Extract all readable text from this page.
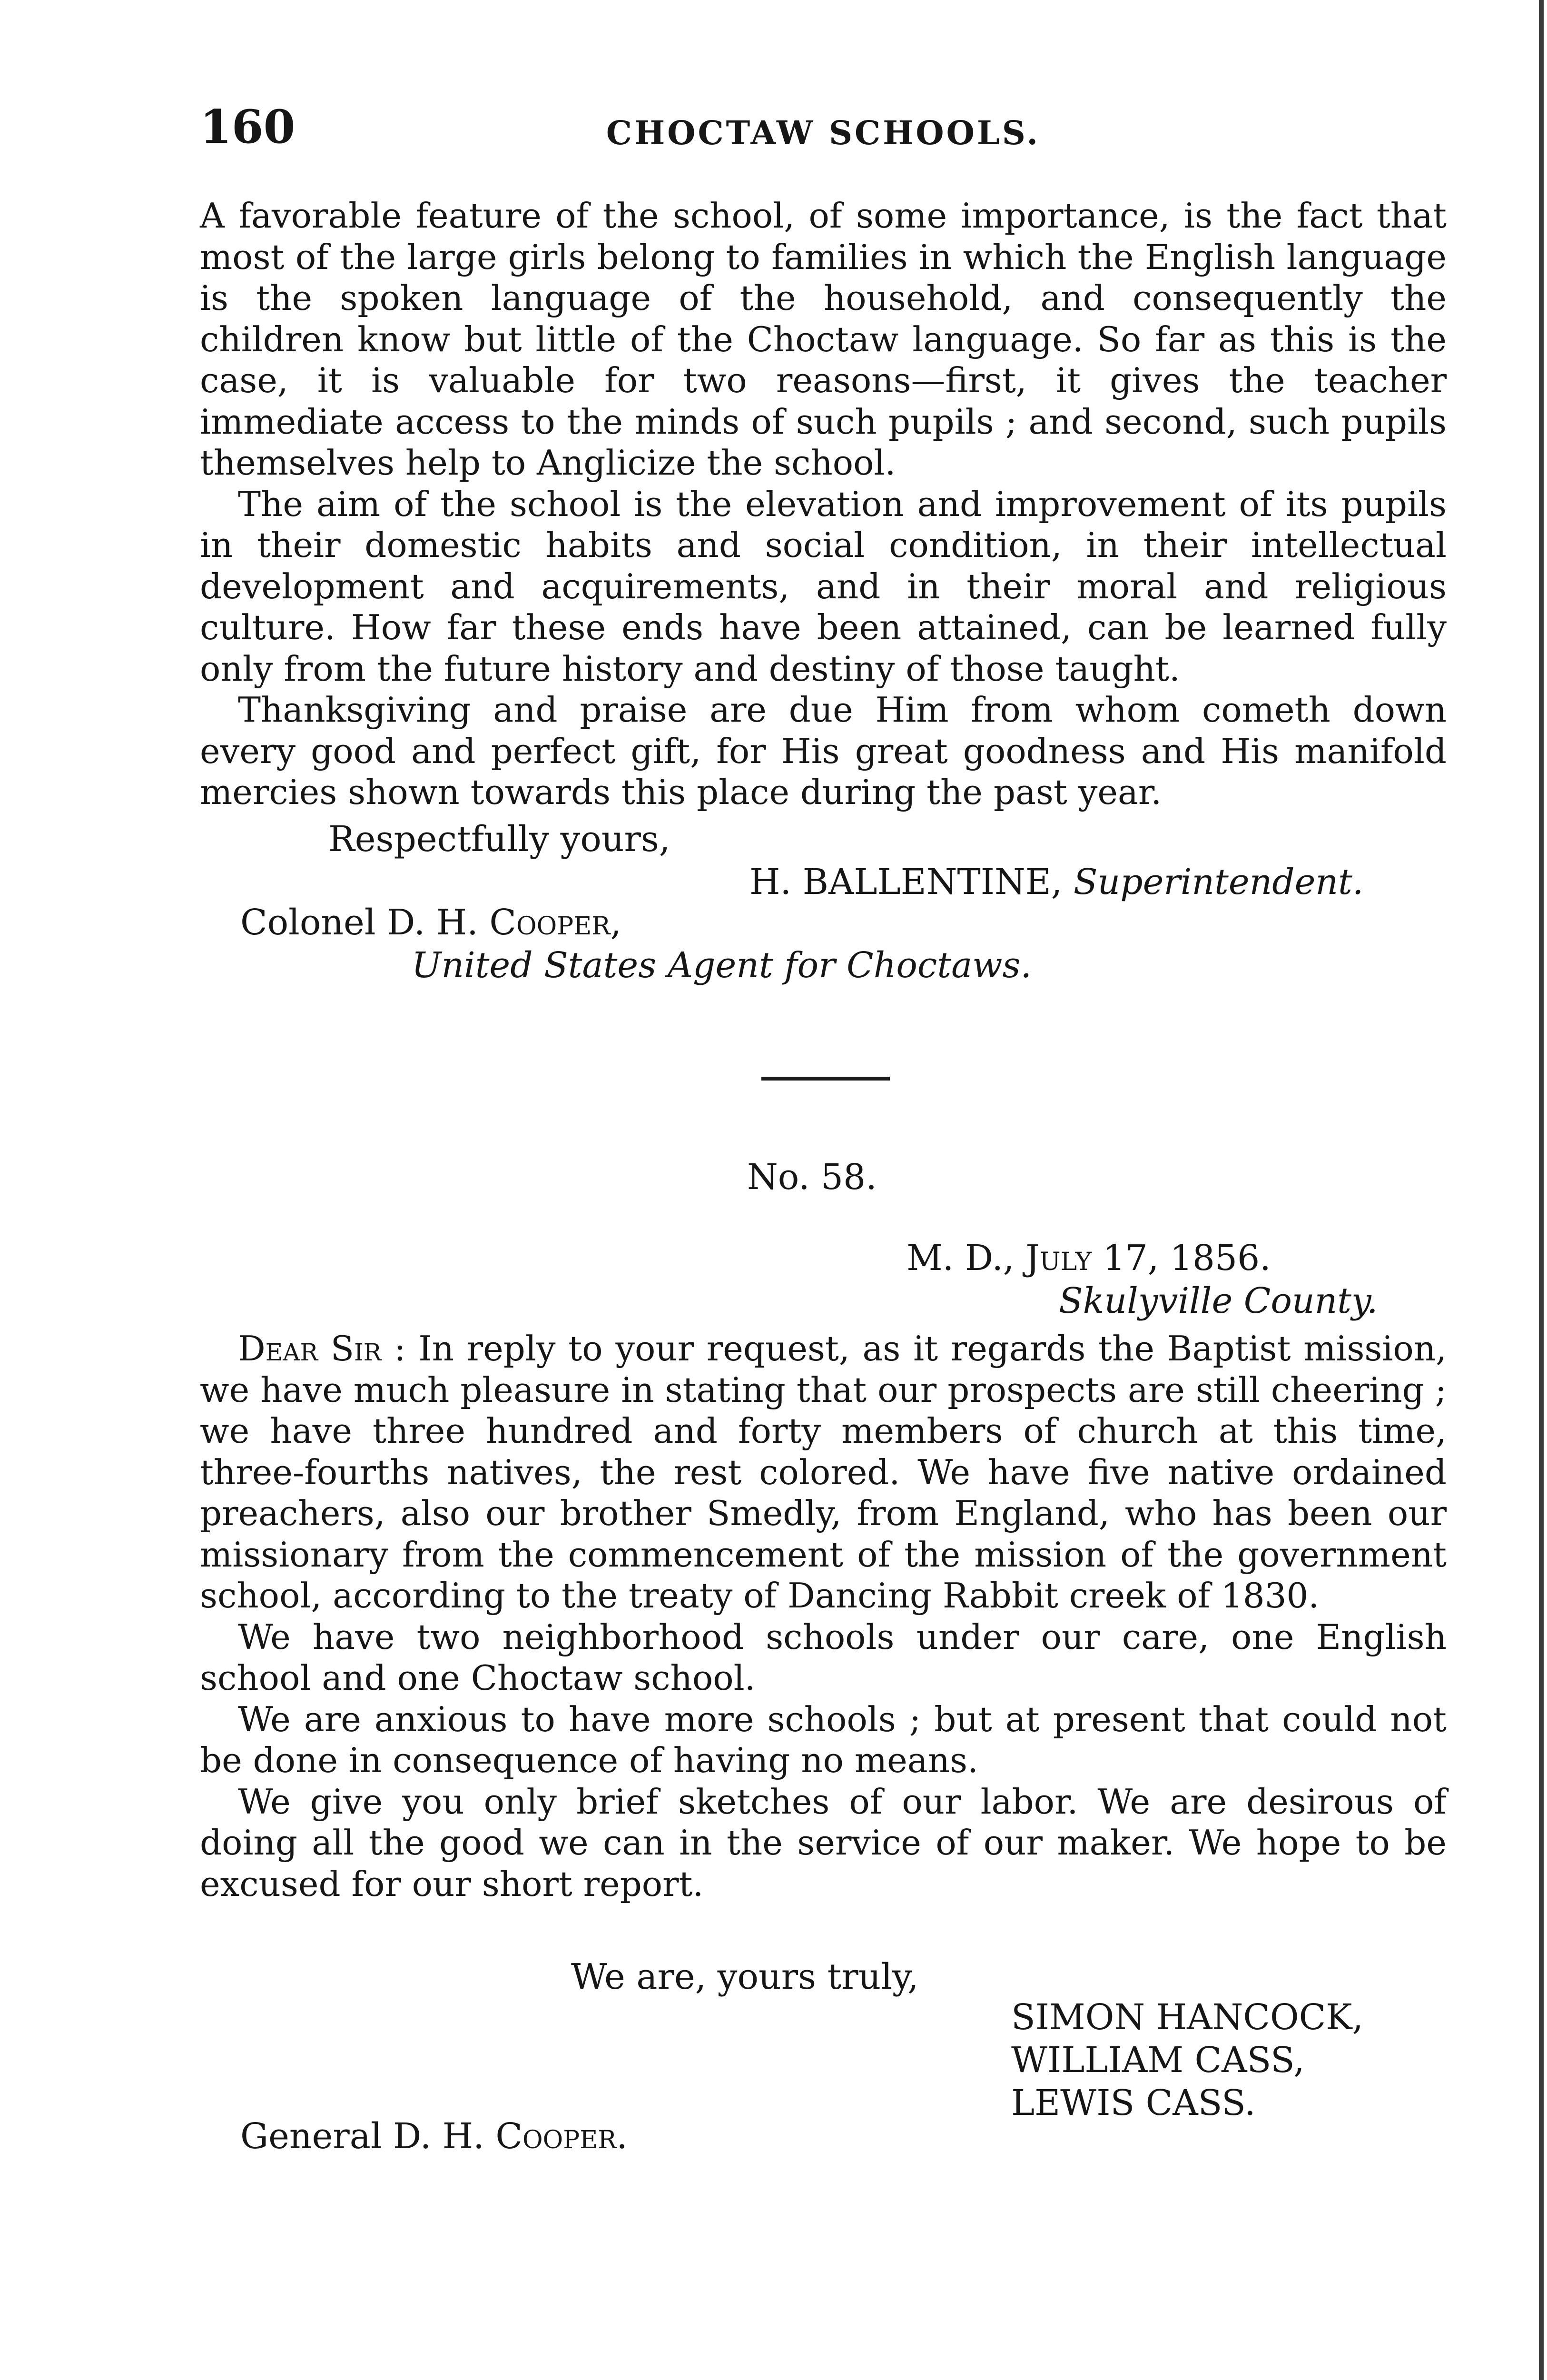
160	CHOCTAW SCHOOLS.

A favorable feature of the school, of some importance, is the fact that most of the large girls belong to families in which the English language is the spoken language of the household, and consequently the children know but little of the Choctaw language. So far as this is the case, it is valuable for two reasons—first, it gives the teacher immediate access to the minds of such pupils ; and second, such pupils themselves help to Anglicize the school.

The aim of the school is the elevation and improvement of its pupils in their domestic habits and social condition, in their intellectual development and acquirements, and in their moral and religious culture. How far these ends have been attained, can be learned fully only from the future history and destiny of those taught.

Thanksgiving and praise are due Him from whom cometh down every good and perfect gift, for His great goodness and His manifold mercies shown towards this place during the past year.

Respectfully yours,
H. BALLENTINE, Superintendent.
Colonel D. H. Cooper,
United States Agent for Choctaws.
No. 58.
M. D., July 17, 1856.
Skulyville County.

Dear Sir : In reply to your request, as it regards the Baptist mission, we have much pleasure in stating that our prospects are still cheering ; we have three hundred and forty members of church at this time, three-fourths natives, the rest colored. We have five native ordained preachers, also our brother Smedly, from England, who has been our missionary from the commencement of the mission of the government school, according to the treaty of Dancing Rabbit creek of 1830.

We have two neighborhood schools under our care, one English school and one Choctaw school.

We are anxious to have more schools ; but at present that could not be done in consequence of having no means.

We give you only brief sketches of our labor. We are desirous of doing all the good we can in the service of our maker. We hope to be excused for our short report.

We are, yours truly,
SIMON HANCOCK,
WILLIAM CASS,
LEWIS CASS.
General D. H. Cooper.
